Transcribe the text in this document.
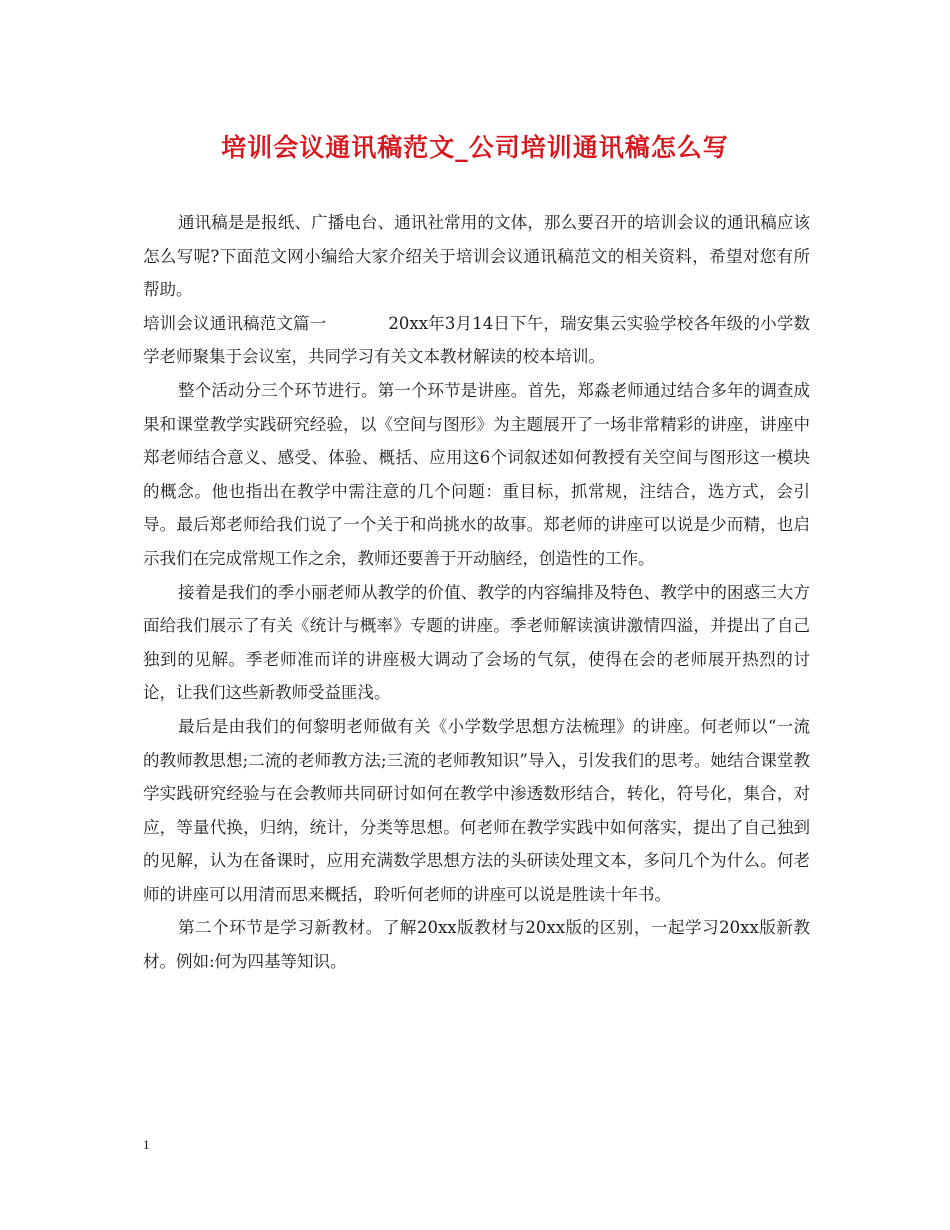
培训会议通讯稿范文_公司培训通讯稿怎么写

通讯稿是是报纸、广播电台、通讯社常用的文体，那么要召开的培训会议的通讯稿应该怎么写呢?下面范文网小编给大家介绍关于培训会议通讯稿范文的相关资料，希望对您有所帮助。

培训会议通讯稿范文篇一	20xx年3月14日下午，瑞安集云实验学校各年级的小学数学老师聚集于会议室，共同学习有关文本教材解读的校本培训。

整个活动分三个环节进行。第一个环节是讲座。首先，郑淼老师通过结合多年的调查成果和课堂教学实践研究经验，以《空间与图形》为主题展开了一场非常精彩的讲座，讲座中郑老师结合意义、感受、体验、概括、应用这6个词叙述如何教授有关空间与图形这一模块的概念。他也指出在教学中需注意的几个问题：重目标，抓常规，注结合，选方式，会引导。最后郑老师给我们说了一个关于和尚挑水的故事。郑老师的讲座可以说是少而精，也启示我们在完成常规工作之余，教师还要善于开动脑经，创造性的工作。

接着是我们的季小丽老师从教学的价值、教学的内容编排及特色、教学中的困惑三大方面给我们展示了有关《统计与概率》专题的讲座。季老师解读演讲激情四溢，并提出了自己独到的见解。季老师准而详的讲座极大调动了会场的气氛，使得在会的老师展开热烈的讨论，让我们这些新教师受益匪浅。

最后是由我们的何黎明老师做有关《小学数学思想方法梳理》的讲座。何老师以“一流的教师教思想;二流的老师教方法;三流的老师教知识”导入，引发我们的思考。她结合课堂教学实践研究经验与在会教师共同研讨如何在教学中渗透数形结合，转化，符号化，集合，对应，等量代换，归纳，统计，分类等思想。何老师在教学实践中如何落实，提出了自己独到的见解，认为在备课时，应用充满数学思想方法的头研读处理文本，多问几个为什么。何老师的讲座可以用清而思来概括，聆听何老师的讲座可以说是胜读十年书。

第二个环节是学习新教材。了解20xx版教材与20xx版的区别，一起学习20xx版新教材。例如:何为四基等知识。

1
